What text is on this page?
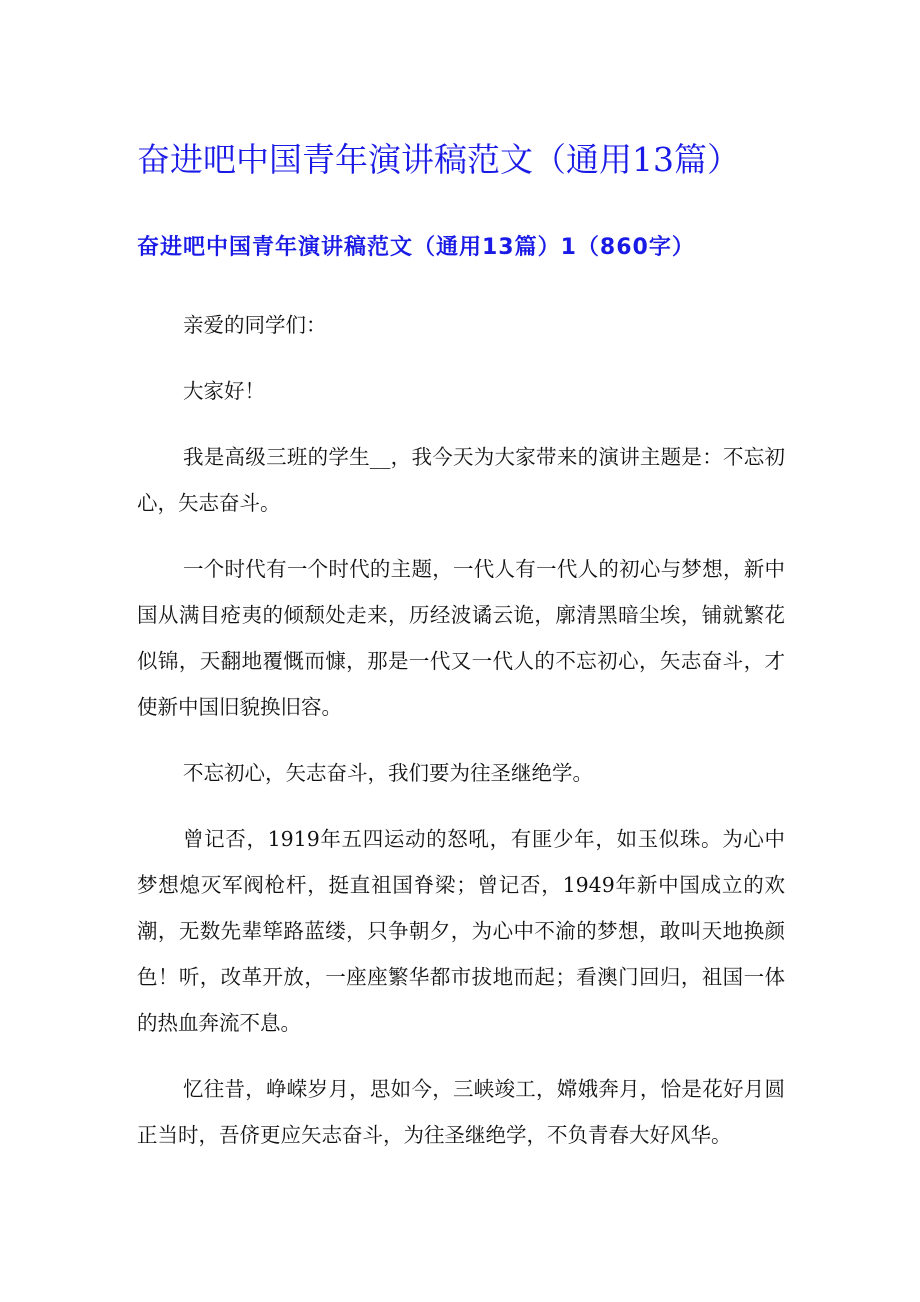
奋进吧中国青年演讲稿范文（通用13篇）
奋进吧中国青年演讲稿范文（通用13篇）1（860字）

亲爱的同学们：

大家好！

我是高级三班的学生__，我今天为大家带来的演讲主题是：不忘初心，矢志奋斗。

一个时代有一个时代的主题，一代人有一代人的初心与梦想，新中国从满目疮夷的倾颓处走来，历经波谲云诡，廓清黑暗尘埃，铺就繁花似锦，天翻地覆慨而慷，那是一代又一代人的不忘初心，矢志奋斗，才使新中国旧貌换旧容。

不忘初心，矢志奋斗，我们要为往圣继绝学。

曾记否，1919年五四运动的怒吼，有匪少年，如玉似珠。为心中梦想熄灭军阀枪杆，挺直祖国脊梁；曾记否，1949年新中国成立的欢潮，无数先辈筚路蓝缕，只争朝夕，为心中不渝的梦想，敢叫天地换颜色！听，改革开放，一座座繁华都市拔地而起；看澳门回归，祖国一体的热血奔流不息。

忆往昔，峥嵘岁月，思如今，三峡竣工，嫦娥奔月，恰是花好月圆正当时，吾侪更应矢志奋斗，为往圣继绝学，不负青春大好风华。
